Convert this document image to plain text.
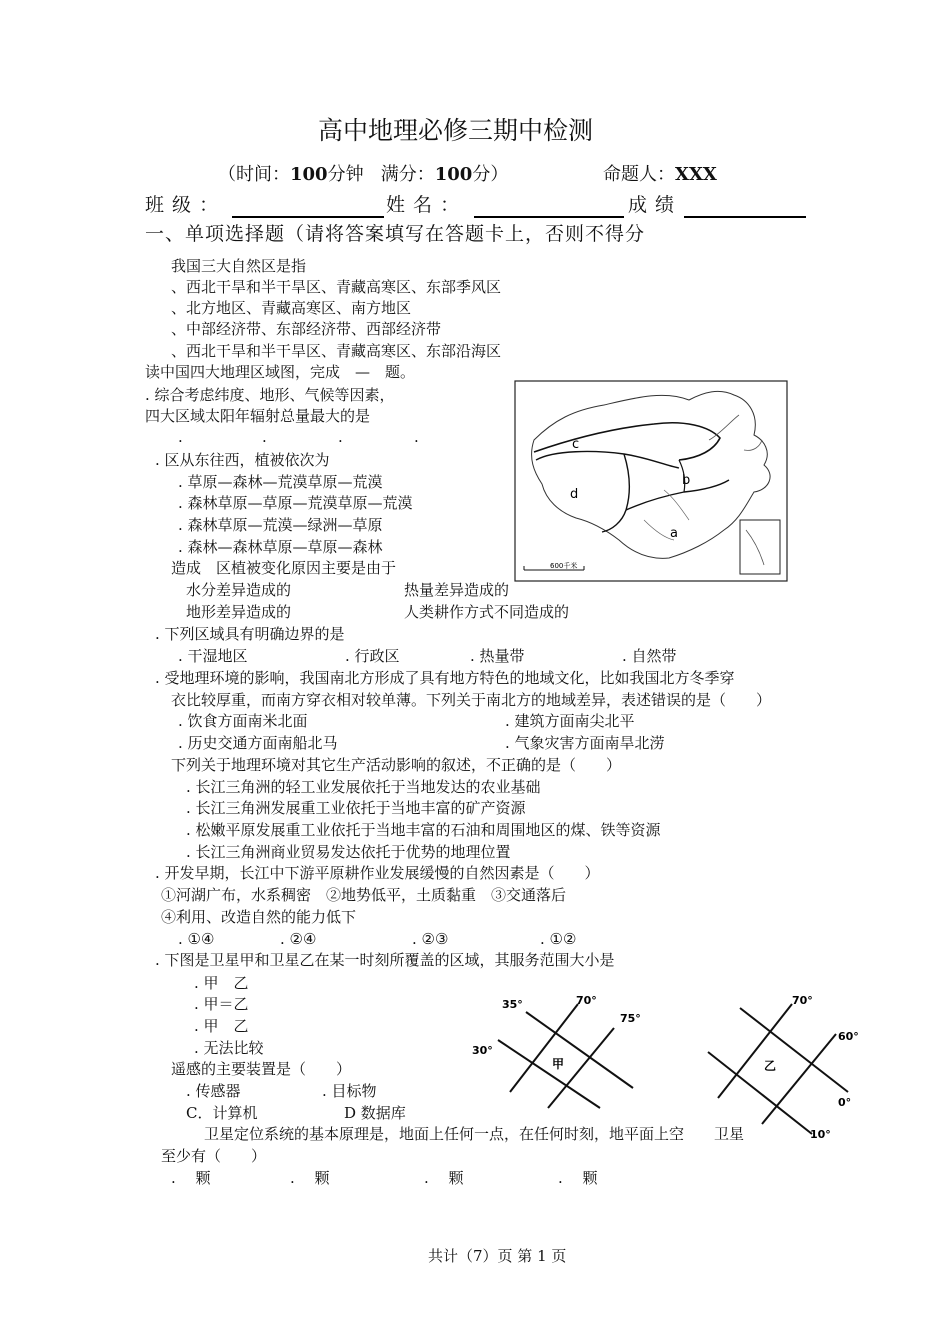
高中地理必修三期中检测
（时间：100分钟 满分：100分）	命题人：XXX
班 级 ：	姓 名 ：	成 绩
一、单项选择题（请将答案填写在答题卡上，否则不得分
我国三大自然区是指
、西北干旱和半干旱区、青藏高寒区、东部季风区
、北方地区、青藏高寒区、南方地区
、中部经济带、东部经济带、西部经济带
、西北干旱和半干旱区、青藏高寒区、东部沿海区
读中国四大地理区域图，完成　—　题。
. 综合考虑纬度、地形、气候等因素，
四大区域太阳年辐射总量最大的是
.	.	.	.
. 区从东往西，植被依次为
. 草原—森林—荒漠草原—荒漠
. 森林草原—草原—荒漠草原—荒漠
. 森林草原—荒漠—绿洲—草原
. 森林—森林草原—草原—森林
造成　区植被变化原因主要是由于
水分差异造成的	热量差异造成的
地形差异造成的	人类耕作方式不同造成的
c
d
b
a
600千米
. 下列区域具有明确边界的是
. 干湿地区	. 行政区	. 热量带	. 自然带
. 受地理环境的影响，我国南北方形成了具有地方特色的地域文化，比如我国北方冬季穿
衣比较厚重，而南方穿衣相对较单薄。下列关于南北方的地域差异，表述错误的是（　　）
. 饮食方面南米北面	. 建筑方面南尖北平
. 历史交通方面南船北马	. 气象灾害方面南旱北涝
下列关于地理环境对其它生产活动影响的叙述，不正确的是（　　）
. 长江三角洲的轻工业发展依托于当地发达的农业基础
. 长江三角洲发展重工业依托于当地丰富的矿产资源
. 松嫩平原发展重工业依托于当地丰富的石油和周围地区的煤、铁等资源
. 长江三角洲商业贸易发达依托于优势的地理位置
. 开发早期，长江中下游平原耕作业发展缓慢的自然因素是（　　）
①河湖广布，水系稠密　②地势低平，土质黏重　③交通落后
④利用、改造自然的能力低下
. ①④	. ②④	. ②③	. ①②
. 下图是卫星甲和卫星乙在某一时刻所覆盖的区域，其服务范围大小是
. 甲　乙
. 甲＝乙
. 甲　乙
. 无法比较
35°	70°
75°
30°
甲
70°
60°
0°
10°
乙
遥感的主要装置是（　　）
. 传感器	. 目标物
C．计算机	D 数据库
卫星定位系统的基本原理是，地面上任何一点，在任何时刻，地平面上空　　卫星
至少有（　　）
. 　颗	. 　颗	. 　颗	. 　颗
共计（7）页 第 1 页
